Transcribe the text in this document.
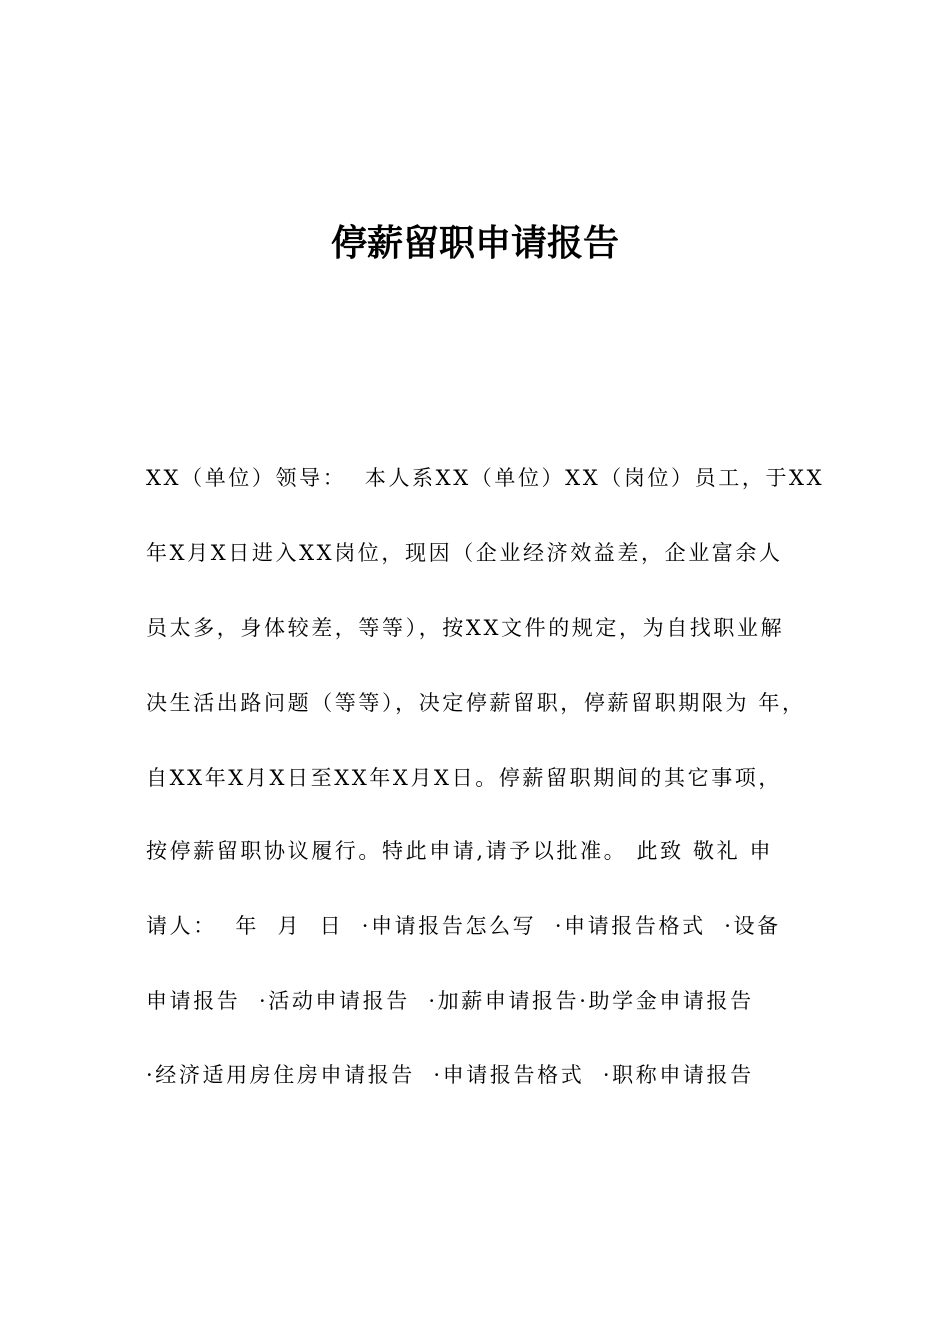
停薪留职申请报告
XX（单位）领导：  本人系XX（单位）XX（岗位）员工，于XX
年X月X日进入XX岗位，现因（企业经济效益差，企业富余人
员太多，身体较差，等等），按XX文件的规定，为自找职业解
决生活出路问题（等等），决定停薪留职，停薪留职期限为 年，
自XX年X月X日至XX年X月X日。停薪留职期间的其它事项，
按停薪留职协议履行。特此申请,请予以批准。 此致 敬礼 申
请人：  年  月  日  ·申请报告怎么写  ·申请报告格式  ·设备
申请报告  ·活动申请报告  ·加薪申请报告·助学金申请报告
·经济适用房住房申请报告  ·申请报告格式  ·职称申请报告
